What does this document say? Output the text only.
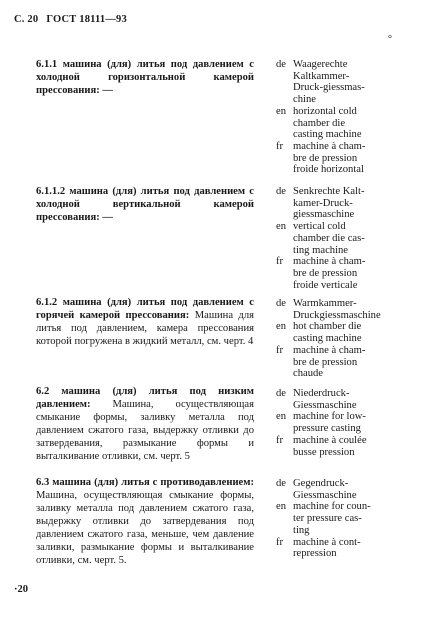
С. 20 ГОСТ 18111—93
°
6.1.1 машина (для) литья под давлением с холодной горизонтальной камерой прессования: —
de Waagerechte
Kaltkammer-
Druck-giessmas-
chine
en horizontal cold
chamber die
casting machine
fr machine à cham-
bre de pression
froide horizontal
6.1.1.2 машина (для) литья под давлением с холодной вертикальной камерой прессования: —
de Senkrechte Kalt-
kamer-Druck-
giessmaschine
en vertical cold
chamber die cas-
ting machine
fr machine à cham-
bre de pression
froide verticale
6.1.2 машина (для) литья под давлением с горячей камерой прессования: Машина для литья под давлением, камера прессования которой погружена в жидкий металл, см. черт. 4
de Warmkammer-
Druckgiessmaschine
en hot chamber die
casting machine
fr machine à cham-
bre de pression
chaude
6.2 машина (для) литья под низким давлением: Машина, осуществляющая смыкание формы, заливку металла под давлением сжатого газа, выдержку отливки до затвердевания, размыкание формы и выталкивание отливки, см. черт. 5
de Niederdruck-
Giessmaschine
en machine for low-
pressure casting
fr machine à coulée
busse pression
6.3 машина (для) литья с противодавлением: Машина, осуществляющая смыкание формы, заливку металла под давлением сжатого газа, выдержку отливки до затвердевания под давлением сжатого газа, меньше, чем давление заливки, размыкание формы и выталкивание отливки, см. черт. 5.
de Gegendruck-
Giessmaschine
en machine for coun-
ter pressure cas-
ting
fr machine à cont-
repression
·20
